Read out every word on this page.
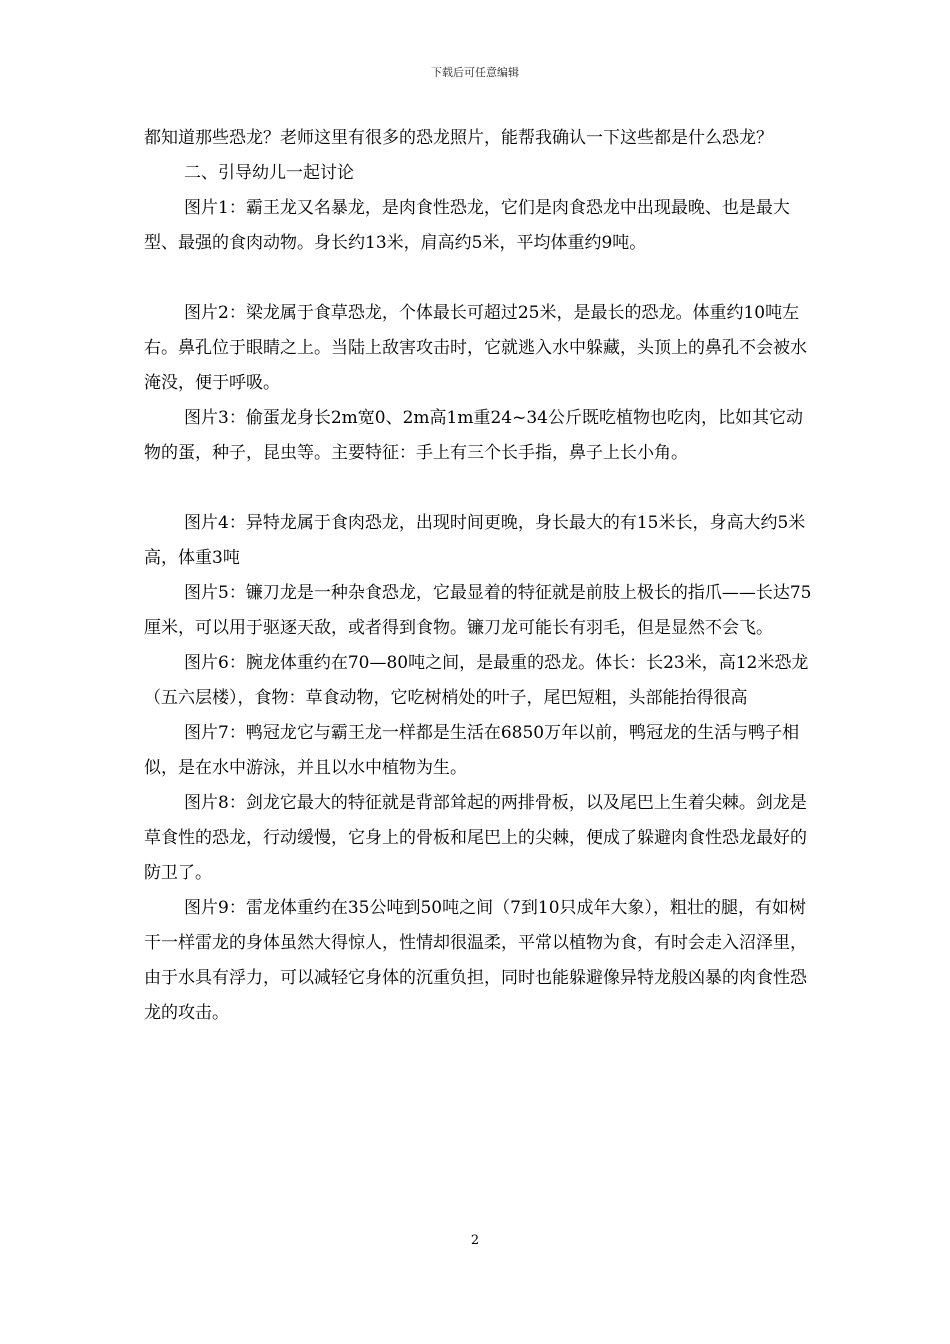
下载后可任意编辑

都知道那些恐龙？老师这里有很多的恐龙照片，能帮我确认一下这些都是什么恐龙？

二、引导幼儿一起讨论

图片1：霸王龙又名暴龙，是肉食性恐龙，它们是肉食恐龙中出现最晚、也是最大型、最强的食肉动物。身长约13米，肩高约5米，平均体重约9吨。

图片2：梁龙属于食草恐龙，个体最长可超过25米，是最长的恐龙。体重约10吨左右。鼻孔位于眼睛之上。当陆上敌害攻击时，它就逃入水中躲藏，头顶上的鼻孔不会被水淹没，便于呼吸。

图片3：偷蛋龙身长2m宽0、2m高1m重24~34公斤既吃植物也吃肉，比如其它动物的蛋，种子，昆虫等。主要特征：手上有三个长手指，鼻子上长小角。

图片4：异特龙属于食肉恐龙，出现时间更晚，身长最大的有15米长，身高大约5米高，体重3吨

图片5：镰刀龙是一种杂食恐龙，它最显着的特征就是前肢上极长的指爪——长达75厘米，可以用于驱逐天敌，或者得到食物。镰刀龙可能长有羽毛，但是显然不会飞。

图片6：腕龙体重约在70—80吨之间，是最重的恐龙。体长：长23米，高12米恐龙（五六层楼），食物：草食动物，它吃树梢处的叶子，尾巴短粗，头部能抬得很高

图片7：鸭冠龙它与霸王龙一样都是生活在6850万年以前，鸭冠龙的生活与鸭子相似，是在水中游泳，并且以水中植物为生。

图片8：剑龙它最大的特征就是背部耸起的两排骨板，以及尾巴上生着尖棘。剑龙是草食性的恐龙，行动缓慢，它身上的骨板和尾巴上的尖棘，便成了躲避肉食性恐龙最好的防卫了。

图片9：雷龙体重约在35公吨到50吨之间（7到10只成年大象），粗壮的腿，有如树干一样雷龙的身体虽然大得惊人，性情却很温柔，平常以植物为食，有时会走入沼泽里，由于水具有浮力，可以减轻它身体的沉重负担，同时也能躲避像异特龙般凶暴的肉食性恐龙的攻击。

2
